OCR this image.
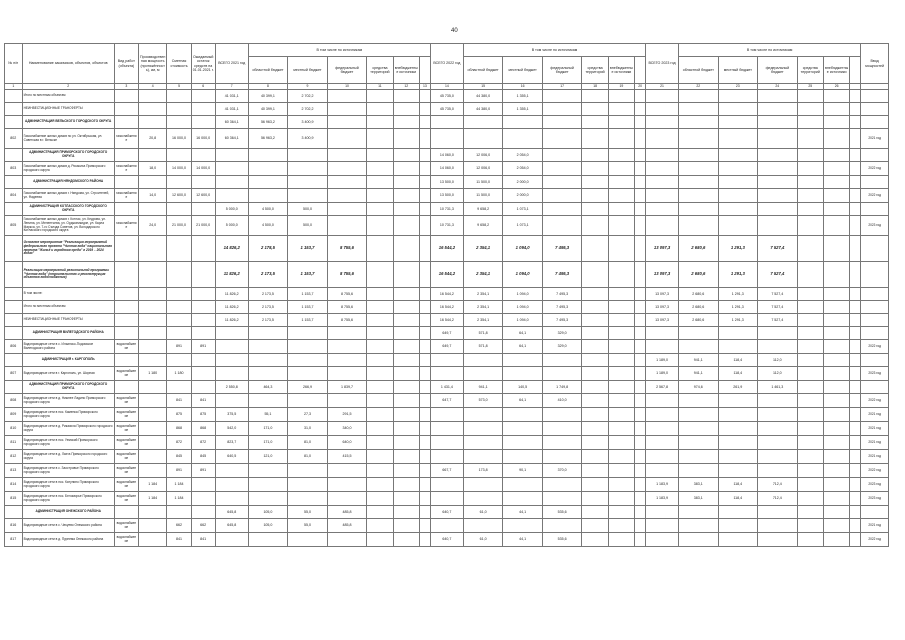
40
№ п/п	Наименование заказчиков, объектов, объектов	Вид работ (объекта)	Производственная мощность (протяжённость), км, м	Сметная стоимость	Ожидаемый остаток средств на 01.01.2021 г.	ВСЕГО 2021 год	В том числе по источникам						ВСЕГО 2022 год	В том числе по источникам						ВСЕГО 2023 год	В том числе по источникам						Ввод мощностей
							областной бюджет	местный бюджет	федеральный бюджет	средства территорий	внебюджетные источники			областной бюджет	местный бюджет	федеральный бюджет	средства территорий	внебюджетные источники			областной бюджет	местный бюджет	федеральный бюджет	средства территорий	внебюджетные источники		
1	2	3	4	5	6	7	8	9	10	11	12	13	14	15	16	17	18	19	20	21	22	23	24	25	26		
	Итого по местным объектам					41 031,1	40 399,1	2 702,2					45 735,0	44 380,0	1 355,1												
	НЕИНВЕСТИЦИОННЫЕ ТРАНСФЕРТЫ					41 031,1	40 399,1	2 702,2					45 735,0	44 380,0	1 355,1												
	АДМИНИСТРАЦИЯ ВЕЛЬСКОГО ГОРОДСКОГО ОКРУГА					60 364,1	56 963,2	3 400,9																			
802	Газоснабжение жилых домов по ул. Октябрьская, ул. Советская в г. Вельске	газоснабжение	20,8	16 000,0	16 000,0	60 364,1	56 963,2	3 400,9																			2021 год
	АДМИНИСТРАЦИЯ ПРИМОРСКОГО ГОРОДСКОГО ОКРУГА												14 060,0	12 006,0	2 054,0												
803	Газоснабжение жилых домов д. Рикасиха Приморского городского округа	газоснабжение	18,0	14 000,0	14 000,0								14 060,0	12 006,0	2 054,0												2022 год
	АДМИНИСТРАЦИЯ НЯНДОМСКОГО РАЙОНА												13 500,0	11 500,0	2 000,0												
804	Газоснабжение жилых домов г. Няндома, ул. Строителей, ул. Фадеева	газоснабжение	14,0	12 600,0	12 600,0								13 500,0	11 500,0	2 000,0												2022 год
	АДМИНИСТРАЦИЯ КОТЛАССКОГО ГОРОДСКОГO ОКРУГА					5 000,0	4 500,0	500,0					10 731,3	9 658,2	1 073,1												
805	Газоснабжение жилых домов г. Котлас, ул. Кедрова, ул. Ленина, ул. Мелентьева, ул. Орджоникидзе, ул. Карла Маркса, ул. 7-го Съезда Советов, ул. Володарского Котласского городского округа	газоснабжение	24,0	21 000,0	21 000,0	5 000,0	4 500,0	500,0					10 731,3	9 658,2	1 073,1												2023 год
	Основное мероприятие "Реализация мероприятий федерального проекта "Чистая вода" национального проекта "Жильё и городская среда" в 2019 – 2024 годах"					14 826,2	2 178,5	1 153,7	8 755,6				16 544,2	2 354,1	1 094,0	7 495,3				13 097,3	2 680,6	1 291,3	7 527,4				
	Реализация мероприятий региональной программы "Чистая вода" (строительство и реконструкция объектов водоснабжения)					11 826,2	2 173,5	1 153,7	8 755,6				16 544,2	2 354,1	1 094,0	7 495,3				13 097,3	2 680,6	1 291,3	7 527,4				
	В том числе:					11 826,2	2 173,5	1 153,7	8 755,6				16 544,2	2 354,1	1 094,0	7 495,3				13 097,3	2 680,6	1 291,3	7 527,4				
	Итого по местным объектам					11 826,2	2 173,5	1 153,7	8 755,6				16 544,2	2 354,1	1 094,0	7 495,3				13 097,3	2 680,6	1 291,3	7 527,4				
	НЕИНВЕСТИЦИОННЫЕ ТРАНСФЕРТЫ					11 826,2	2 173,5	1 153,7	8 755,6				16 544,2	2 354,1	1 094,0	7 495,3				13 097,3	2 680,6	1 291,3	7 527,4				
	АДМИНИСТРАЦИЯ ВИЛЕГОДСКОГО РАЙОНА												649,7	571,8	64,1	329,0											
806	Водопроводные сети в с. Ильинско-Подомское Вилегодского района	водоснабжение		891	891								649,7	571,8	64,1	329,0											2022 год
	АДМИНИСТРАЦИЯ г. КАРГОПОЛЬ																			1 189,0	941,1	118,4	112,0				
807	Водопроводные сети в г. Каргополь, ул. Шорная	водоснабжение	1 180	1 180																1 189,0	941,1	118,4	112,0				2023 год
	АДМИНИСТРАЦИЯ ПРИМОРСКОГО ГОРОДСКОГО ОКРУГА					2 550,8	464,3	266,9	1 839,7				1 431,4	941,1	140,5	1 749,8				2 567,8	974,6	261,9	1 461,3				
808	Водопроводные сети в д. Нижнее Ладино Приморского городского округа	водоснабжение		841	841								647,7	573,0	64,1	410,0											2022 год
809	Водопроводные сети в пос. Каменка Приморского городского округа	водоснабжение		875	875	375,5	55,1	27,3	291,5																		2021 год
810	Водопроводные сети в д. Рикасиха Приморского городского округа	водоснабжение		868	868	542,0	171,0	31,0	340,0																		2021 год
811	Водопроводные сети в пос. Уемский Приморского городского округа	водоснабжение		872	872	823,7	171,0	81,0	640,0																		2021 год
812	Водопроводные сети в д. Лахта Приморского городского округа	водоснабжение		845	845	640,5	121,0	81,0	415,5																		2021 год
813	Водопроводные сети в с. Заостровье Приморского городского округа	водоснабжение		891	891								667,7	173,8	90,1	370,0											2022 год
814	Водопроводные сети в пос. Катунино Приморского городского округа	водоснабжение	1 184	1 184																1 183,9	383,1	118,4	712,4				2023 год
815	Водопроводные сети в пос. Беломорье Приморского городского округа	водоснабжение	1 184	1 184																1 183,9	383,1	118,4	712,4				2023 год
	АДМИНИСТРАЦИЯ ОНЕЖСКОГО РАЙОНА					645,8	105,0	55,0	485,8				640,7	61,0	44,1	535,6											
816	Водопроводные сети в с. Чекуево Онежского района	водоснабжение		662	662	645,8	105,0	55,0	485,8																		2021 год
817	Водопроводные сети в д. Пурнема Онежского района	водоснабжение		841	841								640,7	61,0	44,1	535,6											2022 год
